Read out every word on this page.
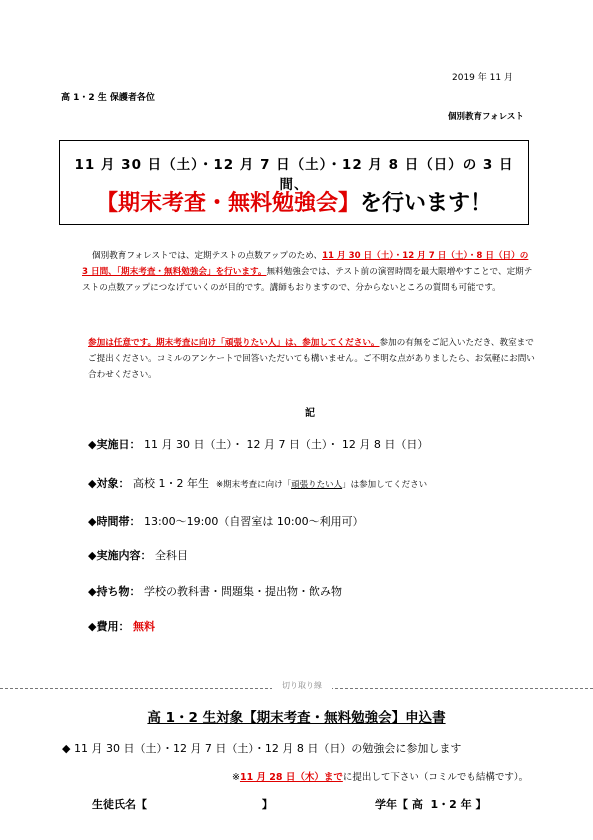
2019 年 11 月
高 1・2 生 保護者各位
個別教育フォレスト
11 月 30 日（土）・12 月 7 日（土）・12 月 8 日（日）の 3 日間、
【期末考査・無料勉強会】を行います！
個別教育フォレストでは、定期テストの点数アップのため、11 月 30 日（土）・12 月 7 日（土）・8 日（日）の 3 日間、「期末考査・無料勉強会」を行います。無料勉強会では、テスト前の演習時間を最大限増やすことで、定期テストの点数アップにつなげていくのが目的です。講師もおりますので、分からないところの質問も可能です。
参加は任意です。期末考査に向け「頑張りたい人」は、参加してください。参加の有無をご記入いただき、教室までご提出ください。コミルのアンケートで回答いただいても構いません。ご不明な点がありましたら、お気軽にお問い合わせください。
記
◆実施日： 11 月 30 日（土）・ 12 月 7 日（土）・ 12 月 8 日（日）
◆対象： 高校 1・2 年生 ※期末考査に向け「頑張りたい人」は参加してください
◆時間帯： 13:00～19:00（自習室は 10:00～利用可）
◆実施内容： 全科目
◆持ち物： 学校の教科書・問題集・提出物・飲み物
◆費用： 無料
切り取り線
高 1・2 生対象【期末考査・無料勉強会】申込書
◆ 11 月 30 日（土）・12 月 7 日（土）・12 月 8 日（日）の勉強会に参加します
※11 月 28 日（木）までに提出して下さい（コミルでも結構です）。
生徒氏名【                              】	学年【 高  1・2 年 】
